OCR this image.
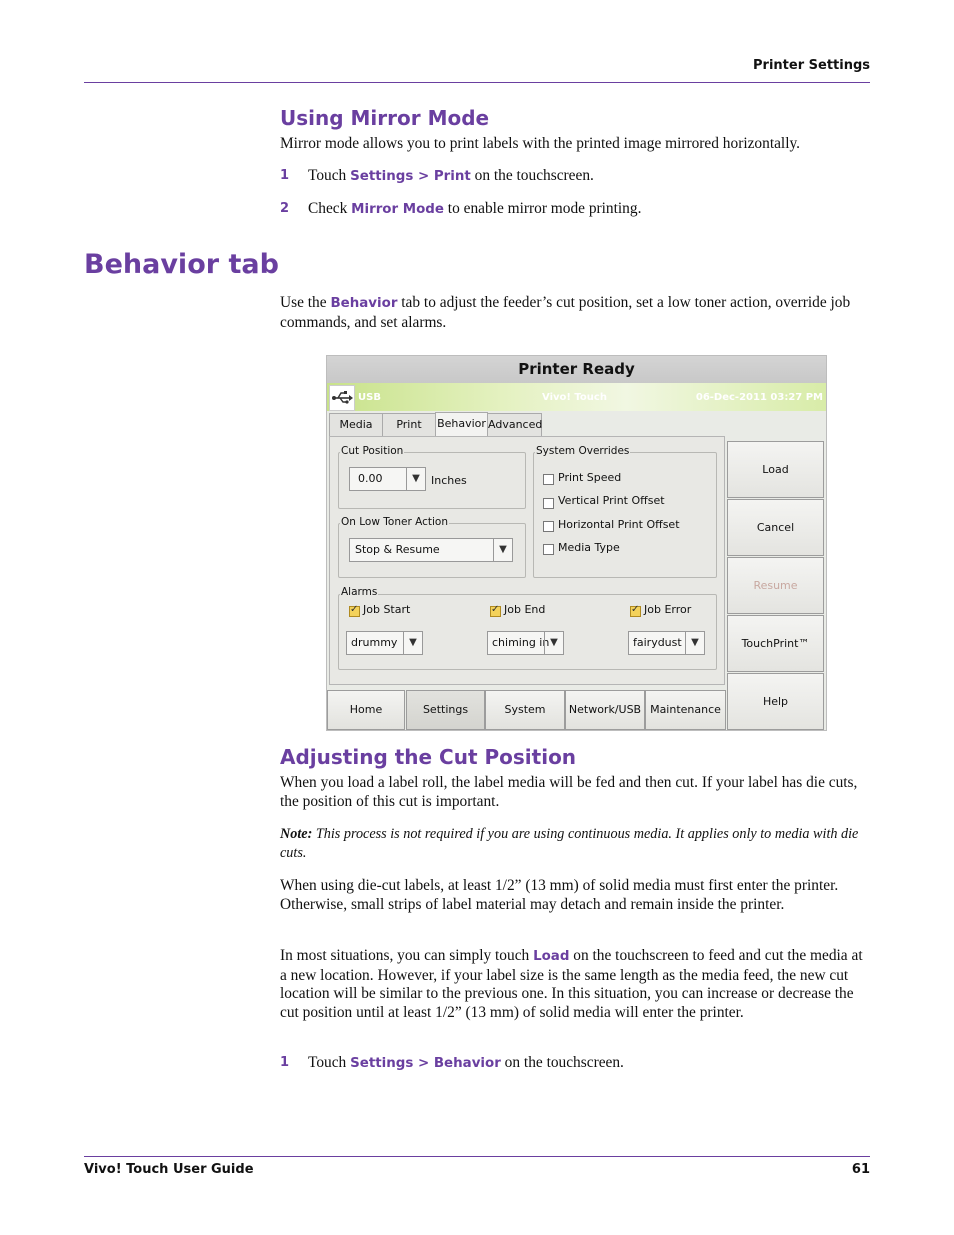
Printer Settings
Using Mirror Mode
Mirror mode allows you to print labels with the printed image mirrored horizontally.
1 Touch Settings > Print on the touchscreen.
2 Check Mirror Mode to enable mirror mode printing.
Behavior tab
Use the Behavior tab to adjust the feeder’s cut position, set a low toner action, override job commands, and set alarms.
Printer Ready
USB	Vivo! Touch	06-Dec-2011 03:27 PM
Media	Print	Behavior Advanced
Cut Position
0.00	▼	Inches
On Low Toner Action
Stop & Resume	▼
System Overrides
Print Speed
Vertical Print Offset
Horizontal Print Offset
Media Type
Alarms
✓
Job Start
drummy	▼
✓
Job End
chiming in ▼
✓
Job Error
fairydust ▼
Load
Cancel
Resume
TouchPrint™
Help
Home	Settings	System	Network/USB Maintenance
Adjusting the Cut Position
When you load a label roll, the label media will be fed and then cut. If your label has die cuts, the position of this cut is important.
Note: This process is not required if you are using continuous media. It applies only to media with die cuts.
When using die-cut labels, at least 1/2” (13 mm) of solid media must first enter the printer. Otherwise, small strips of label material may detach and remain inside the printer.
In most situations, you can simply touch Load on the touchscreen to feed and cut the media at a new location. However, if your label size is the same length as the media feed, the new cut location will be similar to the previous one. In this situation, you can increase or decrease the cut position until at least 1/2” (13 mm) of solid media will enter the printer.
1 Touch Settings > Behavior on the touchscreen.
Vivo! Touch User Guide	61
